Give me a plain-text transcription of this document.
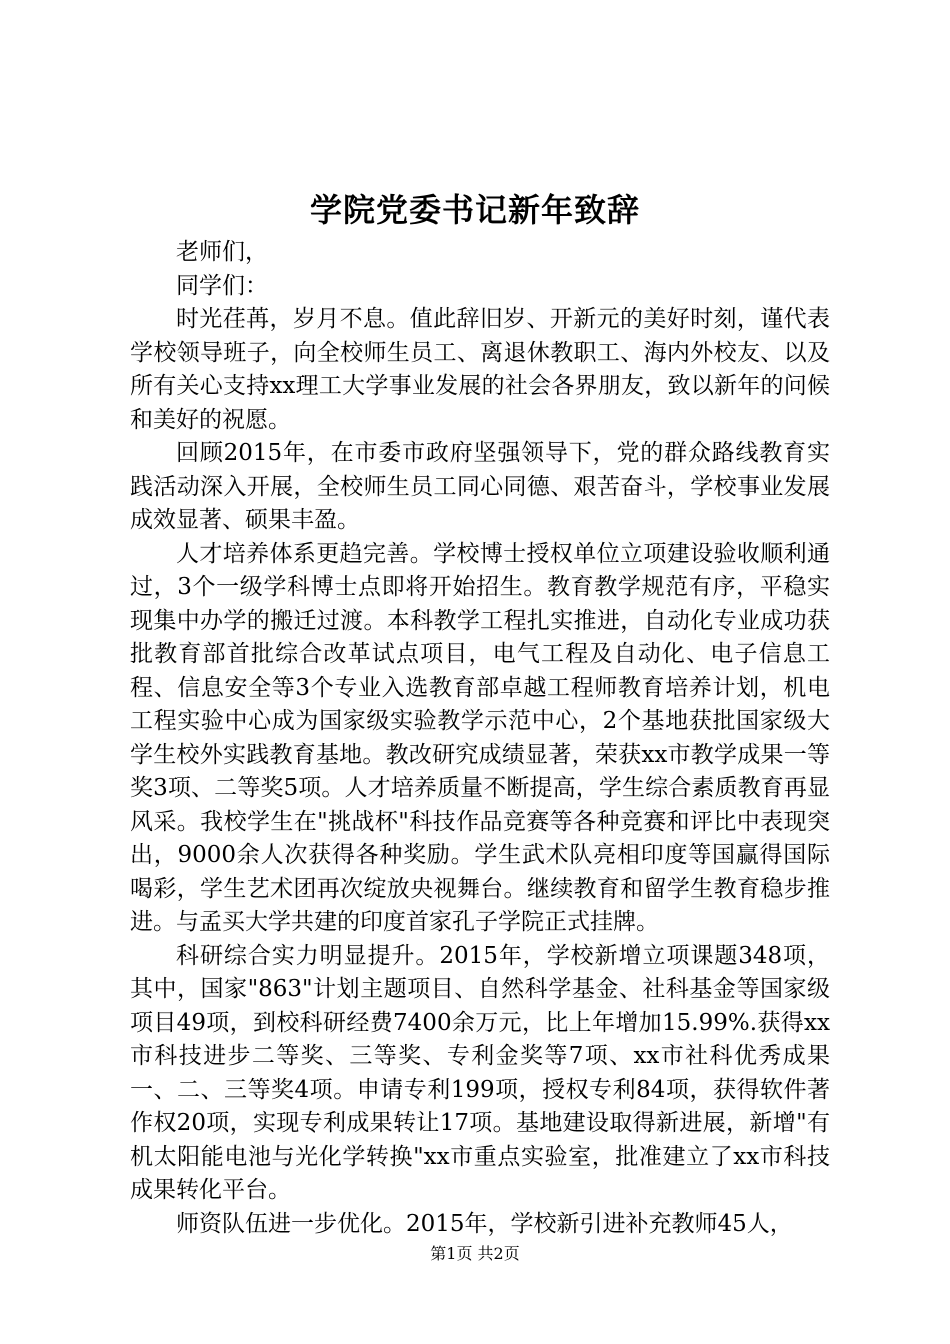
学院党委书记新年致辞

老师们，

同学们：

时光荏苒，岁月不息。值此辞旧岁、开新元的美好时刻，谨代表学校领导班子，向全校师生员工、离退休教职工、海内外校友、以及所有关心支持xx理工大学事业发展的社会各界朋友，致以新年的问候和美好的祝愿。

回顾2015年，在市委市政府坚强领导下，党的群众路线教育实践活动深入开展，全校师生员工同心同德、艰苦奋斗，学校事业发展成效显著、硕果丰盈。

人才培养体系更趋完善。学校博士授权单位立项建设验收顺利通过，3个一级学科博士点即将开始招生。教育教学规范有序，平稳实现集中办学的搬迁过渡。本科教学工程扎实推进，自动化专业成功获批教育部首批综合改革试点项目，电气工程及自动化、电子信息工程、信息安全等3个专业入选教育部卓越工程师教育培养计划，机电工程实验中心成为国家级实验教学示范中心，2个基地获批国家级大学生校外实践教育基地。教改研究成绩显著，荣获xx市教学成果一等奖3项、二等奖5项。人才培养质量不断提高，学生综合素质教育再显风采。我校学生在"挑战杯"科技作品竞赛等各种竞赛和评比中表现突出，9000余人次获得各种奖励。学生武术队亮相印度等国赢得国际喝彩，学生艺术团再次绽放央视舞台。继续教育和留学生教育稳步推进。与孟买大学共建的印度首家孔子学院正式挂牌。

科研综合实力明显提升。2015年，学校新增立项课题348项，其中，国家"863"计划主题项目、自然科学基金、社科基金等国家级项目49项，到校科研经费7400余万元，比上年增加15.99%.获得xx市科技进步二等奖、三等奖、专利金奖等7项、xx市社科优秀成果一、二、三等奖4项。申请专利199项，授权专利84项，获得软件著作权20项，实现专利成果转让17项。基地建设取得新进展，新增"有机太阳能电池与光化学转换"xx市重点实验室，批准建立了xx市科技成果转化平台。

师资队伍进一步优化。2015年，学校新引进补充教师45人，

第1页 共2页
